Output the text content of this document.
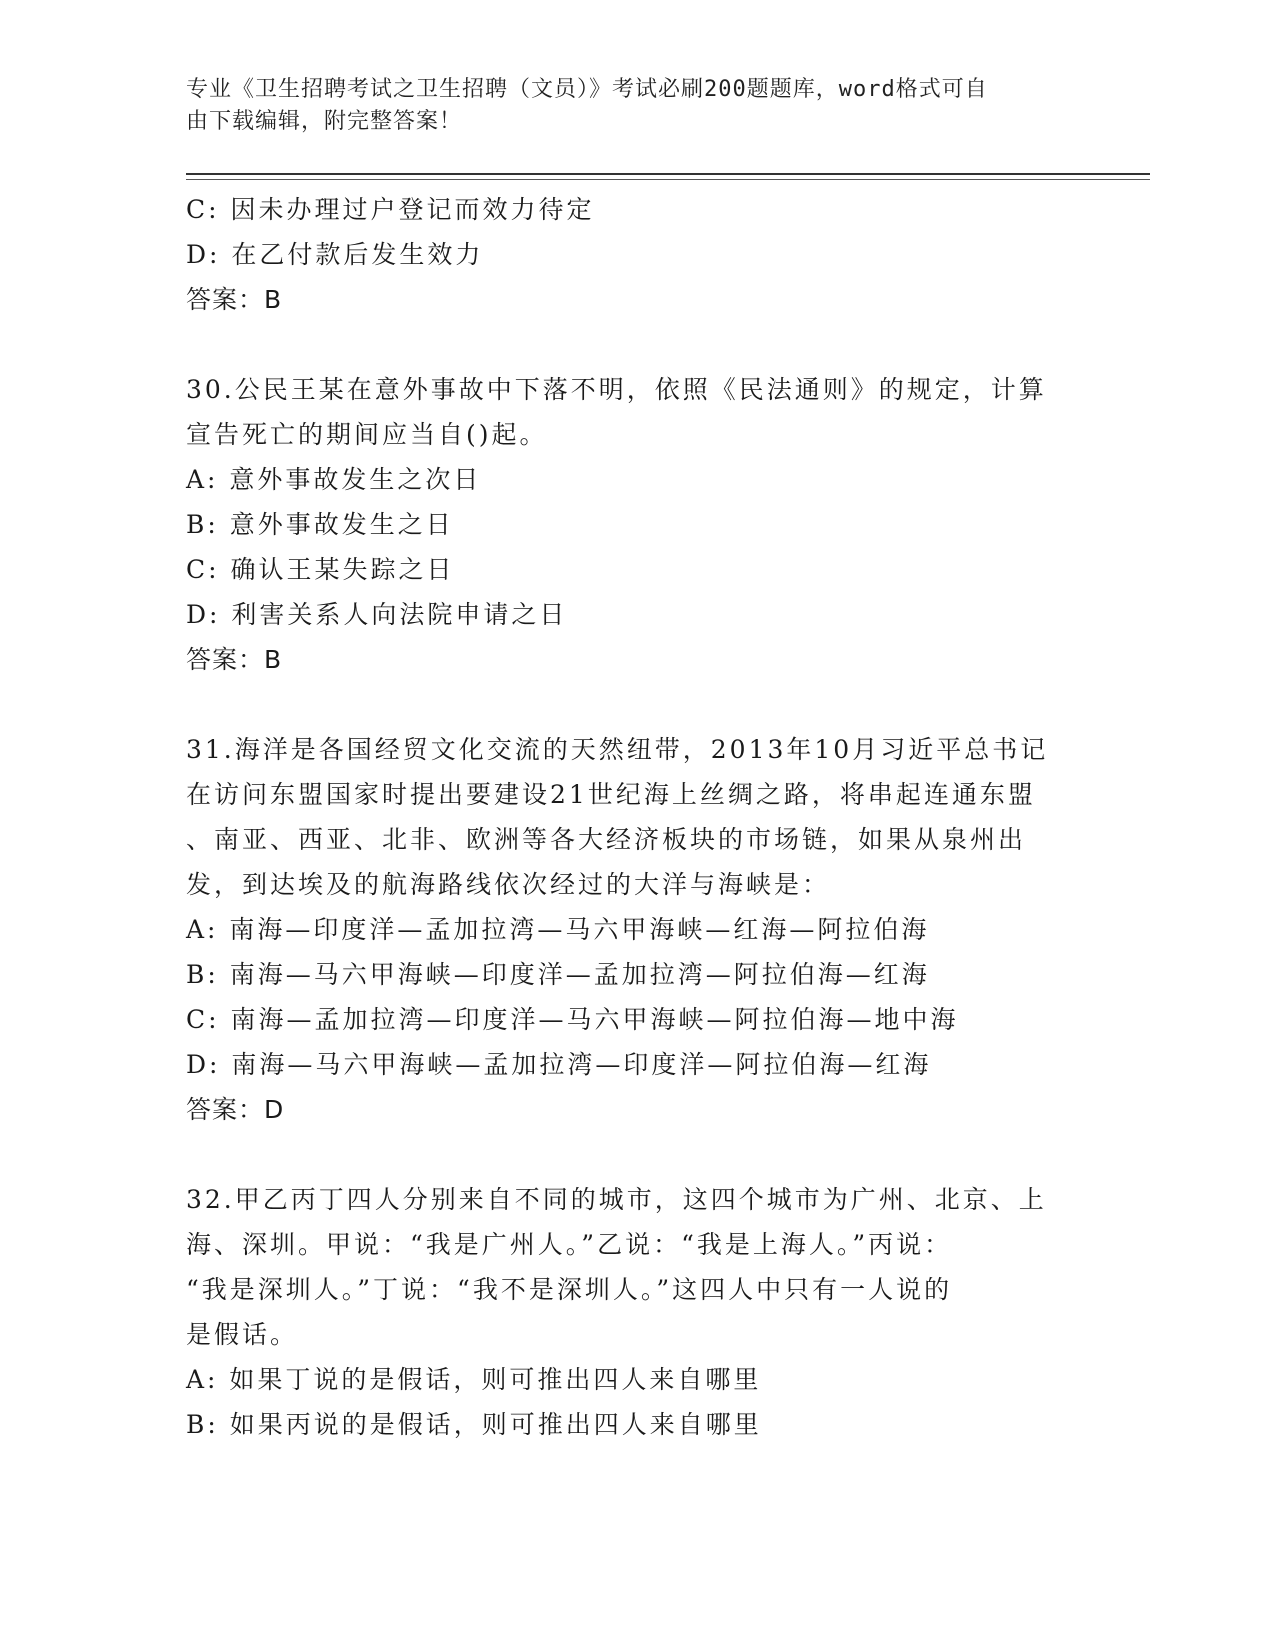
专业《卫生招聘考试之卫生招聘（文员）》考试必刷200题题库，word格式可自
由下载编辑，附完整答案！
C: 因未办理过户登记而效力待定
D: 在乙付款后发生效力
答案：B
30.公民王某在意外事故中下落不明，依照《民法通则》的规定，计算
宣告死亡的期间应当自()起。
A: 意外事故发生之次日
B: 意外事故发生之日
C: 确认王某失踪之日
D: 利害关系人向法院申请之日
答案：B
31.海洋是各国经贸文化交流的天然纽带，2013年10月习近平总书记
在访问东盟国家时提出要建设21世纪海上丝绸之路，将串起连通东盟
、南亚、西亚、北非、欧洲等各大经济板块的市场链，如果从泉州出
发，到达埃及的航海路线依次经过的大洋与海峡是：
A: 南海—印度洋—孟加拉湾—马六甲海峡—红海—阿拉伯海
B: 南海—马六甲海峡—印度洋—孟加拉湾—阿拉伯海—红海
C: 南海—孟加拉湾—印度洋—马六甲海峡—阿拉伯海—地中海
D: 南海—马六甲海峡—孟加拉湾—印度洋—阿拉伯海—红海
答案：D
32.甲乙丙丁四人分别来自不同的城市，这四个城市为广州、北京、上
海、深圳。甲说：“我是广州人。”乙说：“我是上海人。”丙说：
“我是深圳人。”丁说：“我不是深圳人。”这四人中只有一人说的
是假话。
A: 如果丁说的是假话，则可推出四人来自哪里
B: 如果丙说的是假话，则可推出四人来自哪里
